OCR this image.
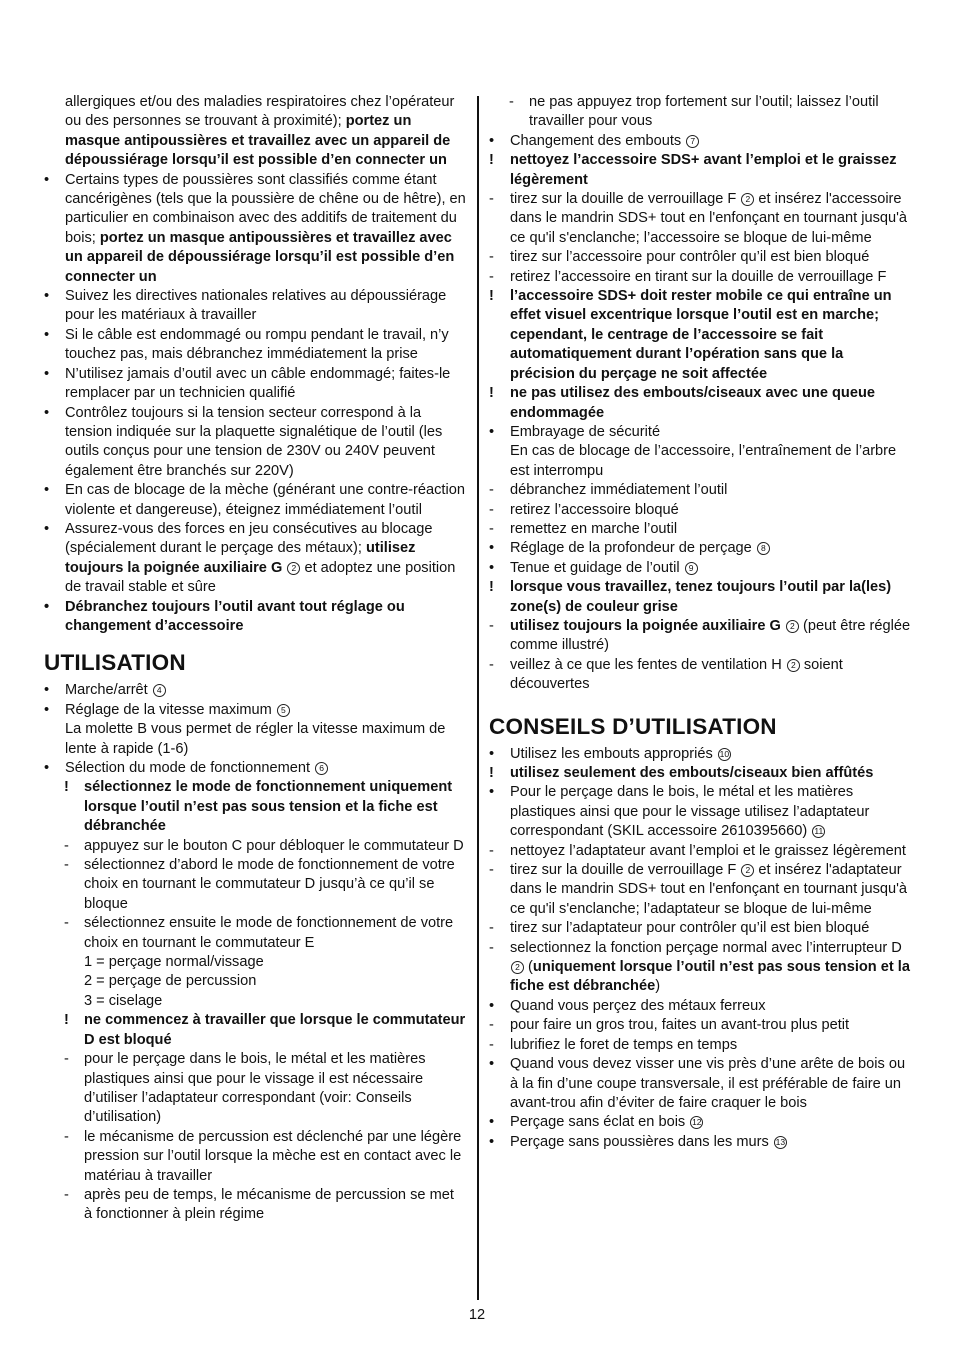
allergiques et/ou des maladies respiratoires chez l’opérateur ou des personnes se trouvant à proximité); portez un masque antipoussières et travaillez avec un appareil de dépoussiérage lorsqu’il est possible d’en connecter un
•	Certains types de poussières sont classifiés comme étant cancérigènes (tels que la poussière de chêne ou de hêtre), en particulier en combinaison avec des additifs de traitement du bois; portez un masque antipoussières et travaillez avec un appareil de dépoussiérage lorsqu’il est possible d’en connecter un
•	Suivez les directives nationales relatives au dépoussiérage pour les matériaux à travailler
•	Si le câble est endommagé ou rompu pendant le travail, n’y touchez pas, mais débranchez immédiatement la prise
•	N’utilisez jamais d’outil avec un câble endommagé; faites-le remplacer par un technicien qualifié
•	Contrôlez toujours si la tension secteur correspond à la tension indiquée sur la plaquette signalétique de l’outil (les outils conçus pour une tension de 230V ou 240V peuvent également être branchés sur 220V)
•	En cas de blocage de la mèche (générant une contre-réaction violente et dangereuse), éteignez immédiatement l’outil
•	Assurez-vous des forces en jeu consécutives au blocage (spécialement durant le perçage des métaux); utilisez toujours la poignée auxiliaire G 2 et adoptez une position de travail stable et sûre
•	Débranchez toujours l’outil avant tout réglage ou changement d’accessoire
UTILISATION
•	Marche/arrêt 4
•	Réglage de la vitesse maximum 5
La molette B vous permet de régler la vitesse maximum de lente à rapide (1-6)
•	Sélection du mode de fonctionnement 6
!	sélectionnez le mode de fonctionnement uniquement lorsque l’outil n’est pas sous tension et la fiche est débranchée
-	appuyez sur le bouton C pour débloquer le commutateur D
-	sélectionnez d’abord le mode de fonctionnement de votre choix en tournant le commutateur D jusqu’à ce qu’il se bloque
-	sélectionnez ensuite le mode de fonctionnement de votre choix en tournant le commutateur E
1 = perçage normal/vissage
2 = perçage de percussion
3 = ciselage
!	ne commencez à travailler que lorsque le commutateur D est bloqué
-	pour le perçage dans le bois, le métal et les matières plastiques ainsi que pour le vissage il est nécessaire d’utiliser l’adaptateur correspondant (voir: Conseils d’utilisation)
-	le mécanisme de percussion est déclenché par une légère pression sur l’outil lorsque la mèche est en contact avec le matériau à travailler
-	après peu de temps, le mécanisme de percussion se met à fonctionner à plein régime
-	ne pas appuyez trop fortement sur l’outil; laissez l’outil travailler pour vous
•	Changement des embouts 7
!	nettoyez l’accessoire SDS+ avant l’emploi et le graissez légèrement
-	tirez sur la douille de verrouillage F 2 et insérez l'accessoire dans le mandrin SDS+ tout en l'enfonçant en tournant jusqu'à ce qu'il s'enclanche; l’accessoire se bloque de lui-même
-	tirez sur l’accessoire pour contrôler qu’il est bien bloqué
-	retirez l’accessoire en tirant sur la douille de verrouillage F
!	l’accessoire SDS+ doit rester mobile ce qui entraîne un effet visuel excentrique lorsque l’outil est en marche; cependant, le centrage de l’accessoire se fait automatiquement durant l’opération sans que la précision du perçage ne soit affectée
!	ne pas utilisez des embouts/ciseaux avec une queue endommagée
•	Embrayage de sécurité
En cas de blocage de l’accessoire, l’entraînement de l’arbre est interrompu
-	débranchez immédiatement l’outil
-	retirez l’accessoire bloqué
-	remettez en marche l’outil
•	Réglage de la profondeur de perçage 8
•	Tenue et guidage de l’outil 9
!	lorsque vous travaillez, tenez toujours l’outil par la(les) zone(s) de couleur grise
-	utilisez toujours la poignée auxiliaire G 2 (peut être réglée comme illustré)
-	veillez à ce que les fentes de ventilation H 2 soient découvertes
CONSEILS D’UTILISATION
•	Utilisez les embouts appropriés 10
!	utilisez seulement des embouts/ciseaux bien affûtés
•	Pour le perçage dans le bois, le métal et les matières plastiques ainsi que pour le vissage utilisez l’adaptateur correspondant (SKIL accessoire 2610395660) 11
-	nettoyez l’adaptateur avant l’emploi et le graissez légèrement
-	tirez sur la douille de verrouillage F 2 et insérez l'adaptateur dans le mandrin SDS+ tout en l'enfonçant en tournant jusqu'à ce qu'il s'enclanche; l’adaptateur se bloque de lui-même
-	tirez sur l’adaptateur pour contrôler qu’il est bien bloqué
-	selectionnez la fonction perçage normal avec l’interrupteur D 2 (uniquement lorsque l’outil n’est pas sous tension et la fiche est débranchée)
•	Quand vous perçez des métaux ferreux
-	pour faire un gros trou, faites un avant-trou plus petit
-	lubrifiez le foret de temps en temps
•	Quand vous devez visser une vis près d’une arête de bois ou à la fin d’une coupe transversale, il est préférable de faire un avant-trou afin d’éviter de faire craquer le bois
•	Perçage sans éclat en bois 12
•	Perçage sans poussières dans les murs 13
12
